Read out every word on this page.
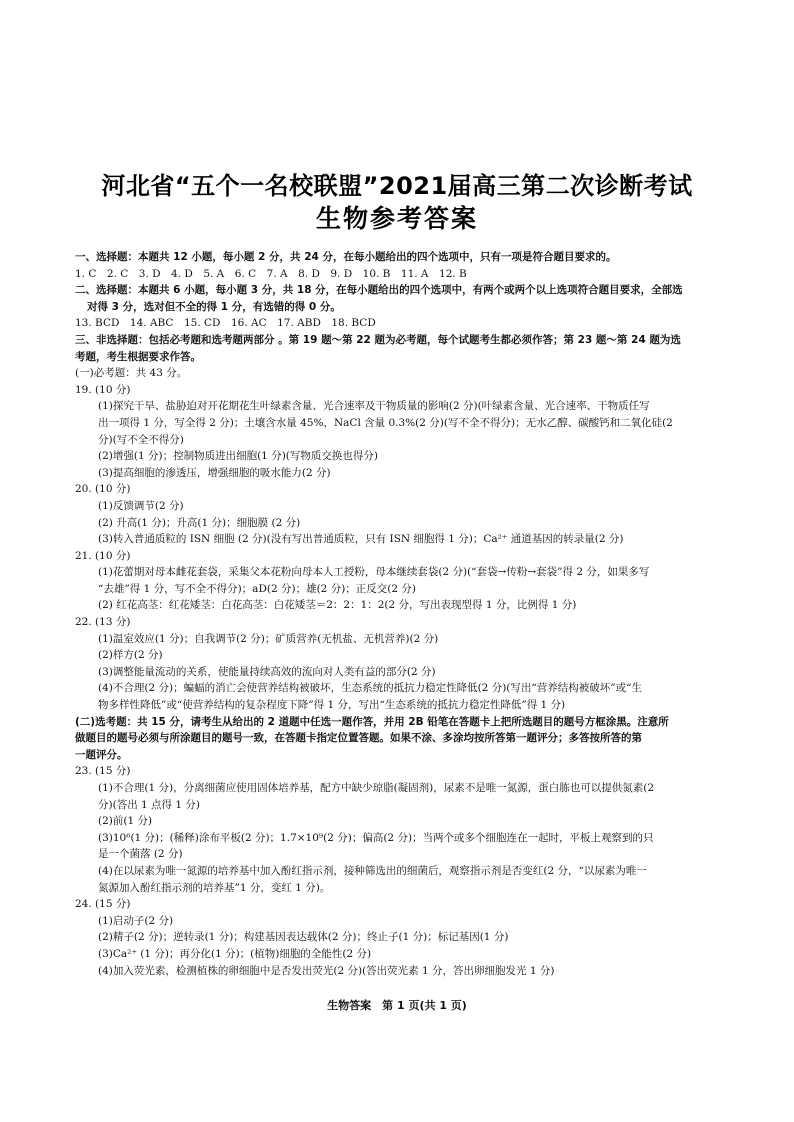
河北省“五个一名校联盟”2021届高三第二次诊断考试
生物参考答案
一、选择题：本题共 12 小题，每小题 2 分，共 24 分，在每小题给出的四个选项中，只有一项是符合题目要求的。
1. C　2. C　3. D　4. D　5. A　6. C　7. A　8. D　9. D　10. B　11. A　12. B
二、选择题：本题共 6 小题，每小题 3 分，共 18 分，在每小题给出的四个选项中，有两个或两个以上选项符合题目要求，全部选
对得 3 分，选对但不全的得 1 分，有选错的得 0 分。
13. BCD　14. ABC　15. CD　16. AC　17. ABD　18. BCD
三、非选择题：包括必考题和选考题两部分 。第 19 题～第 22 题为必考题，每个试题考生都必须作答；第 23 题～第 24 题为选
考题，考生根据要求作答。
(一)必考题：共 43 分。
19. (10 分)
(1)探究干旱、盐胁迫对开花期花生叶绿素含量、光合速率及干物质量的影响(2 分)(叶绿素含量、光合速率、干物质任写
出一项得 1 分，写全得 2 分)；土壤含水量 45%，NaCl 含量 0.3%(2 分)(写不全不得分)；无水乙醇、碳酸钙和二氧化硅(2
分)(写不全不得分)
(2)增强(1 分)；控制物质进出细胞(1 分)(写物质交换也得分)
(3)提高细胞的渗透压，增强细胞的吸水能力(2 分)
20. (10 分)
(1)反馈调节(2 分)
(2) 升高(1 分)；升高(1 分)；细胞膜 (2 分)
(3)转入普通质粒的 ISN 细胞 (2 分)(没有写出普通质粒，只有 ISN 细胞得 1 分)；Ca²⁺ 通道基因的转录量(2 分)
21. (10 分)
(1)花蕾期对母本雌花套袋，采集父本花粉向母本人工授粉，母本继续套袋(2 分)(“套袋→传粉→套袋”得 2 分，如果多写
“去雄”得 1 分，写不全不得分)；aD(2 分)；雄(2 分)；正反交(2 分)
(2) 红花高茎：红花矮茎：白花高茎：白花矮茎＝2：2：1：2(2 分，写出表现型得 1 分，比例得 1 分)
22. (13 分)
(1)温室效应(1 分)；自我调节(2 分)；矿质营养(无机盐、无机营养)(2 分)
(2)样方(2 分)
(3)调整能量流动的关系，使能量持续高效的流向对人类有益的部分(2 分)
(4)不合理(2 分)；蝙蝠的消亡会使营养结构被破坏，生态系统的抵抗力稳定性降低(2 分)(写出“营养结构被破坏”或“生
物多样性降低”或“使营养结构的复杂程度下降”得 1 分，写出“生态系统的抵抗力稳定性降低”得 1 分)
(二)选考题：共 15 分，请考生从给出的 2 道题中任选一题作答，并用 2B 铅笔在答题卡上把所选题目的题号方框涂黑。注意所
做题目的题号必须与所涂题目的题号一致，在答题卡指定位置答题。如果不涂、多涂均按所答第一题评分；多答按所答的第
一题评分。
23. (15 分)
(1)不合理(1 分)，分离细菌应使用固体培养基，配方中缺少琼脂(凝固剂)，尿素不是唯一氮源，蛋白胨也可以提供氮素(2
分)(答出 1 点得 1 分)
(2)前(1 分)
(3)10⁶(1 分)；(稀释)涂布平板(2 分)；1.7×10⁹(2 分)；偏高(2 分)；当两个或多个细胞连在一起时，平板上观察到的只
是一个菌落 (2 分)
(4)在以尿素为唯一氮源的培养基中加入酚红指示剂，接种筛选出的细菌后，观察指示剂是否变红(2 分，“以尿素为唯一
氮源加入酚红指示剂的培养基”1 分，变红 1 分)。
24. (15 分)
(1)启动子(2 分)
(2)精子(2 分)；逆转录(1 分)；构建基因表达载体(2 分)；终止子(1 分)；标记基因(1 分)
(3)Ca²⁺ (1 分)；再分化(1 分)；(植物)细胞的全能性(2 分)
(4)加入荧光素，检测植株的卵细胞中是否发出荧光(2 分)(答出荧光素 1 分，答出卵细胞发光 1 分)
生物答案　第 1 页(共 1 页)
